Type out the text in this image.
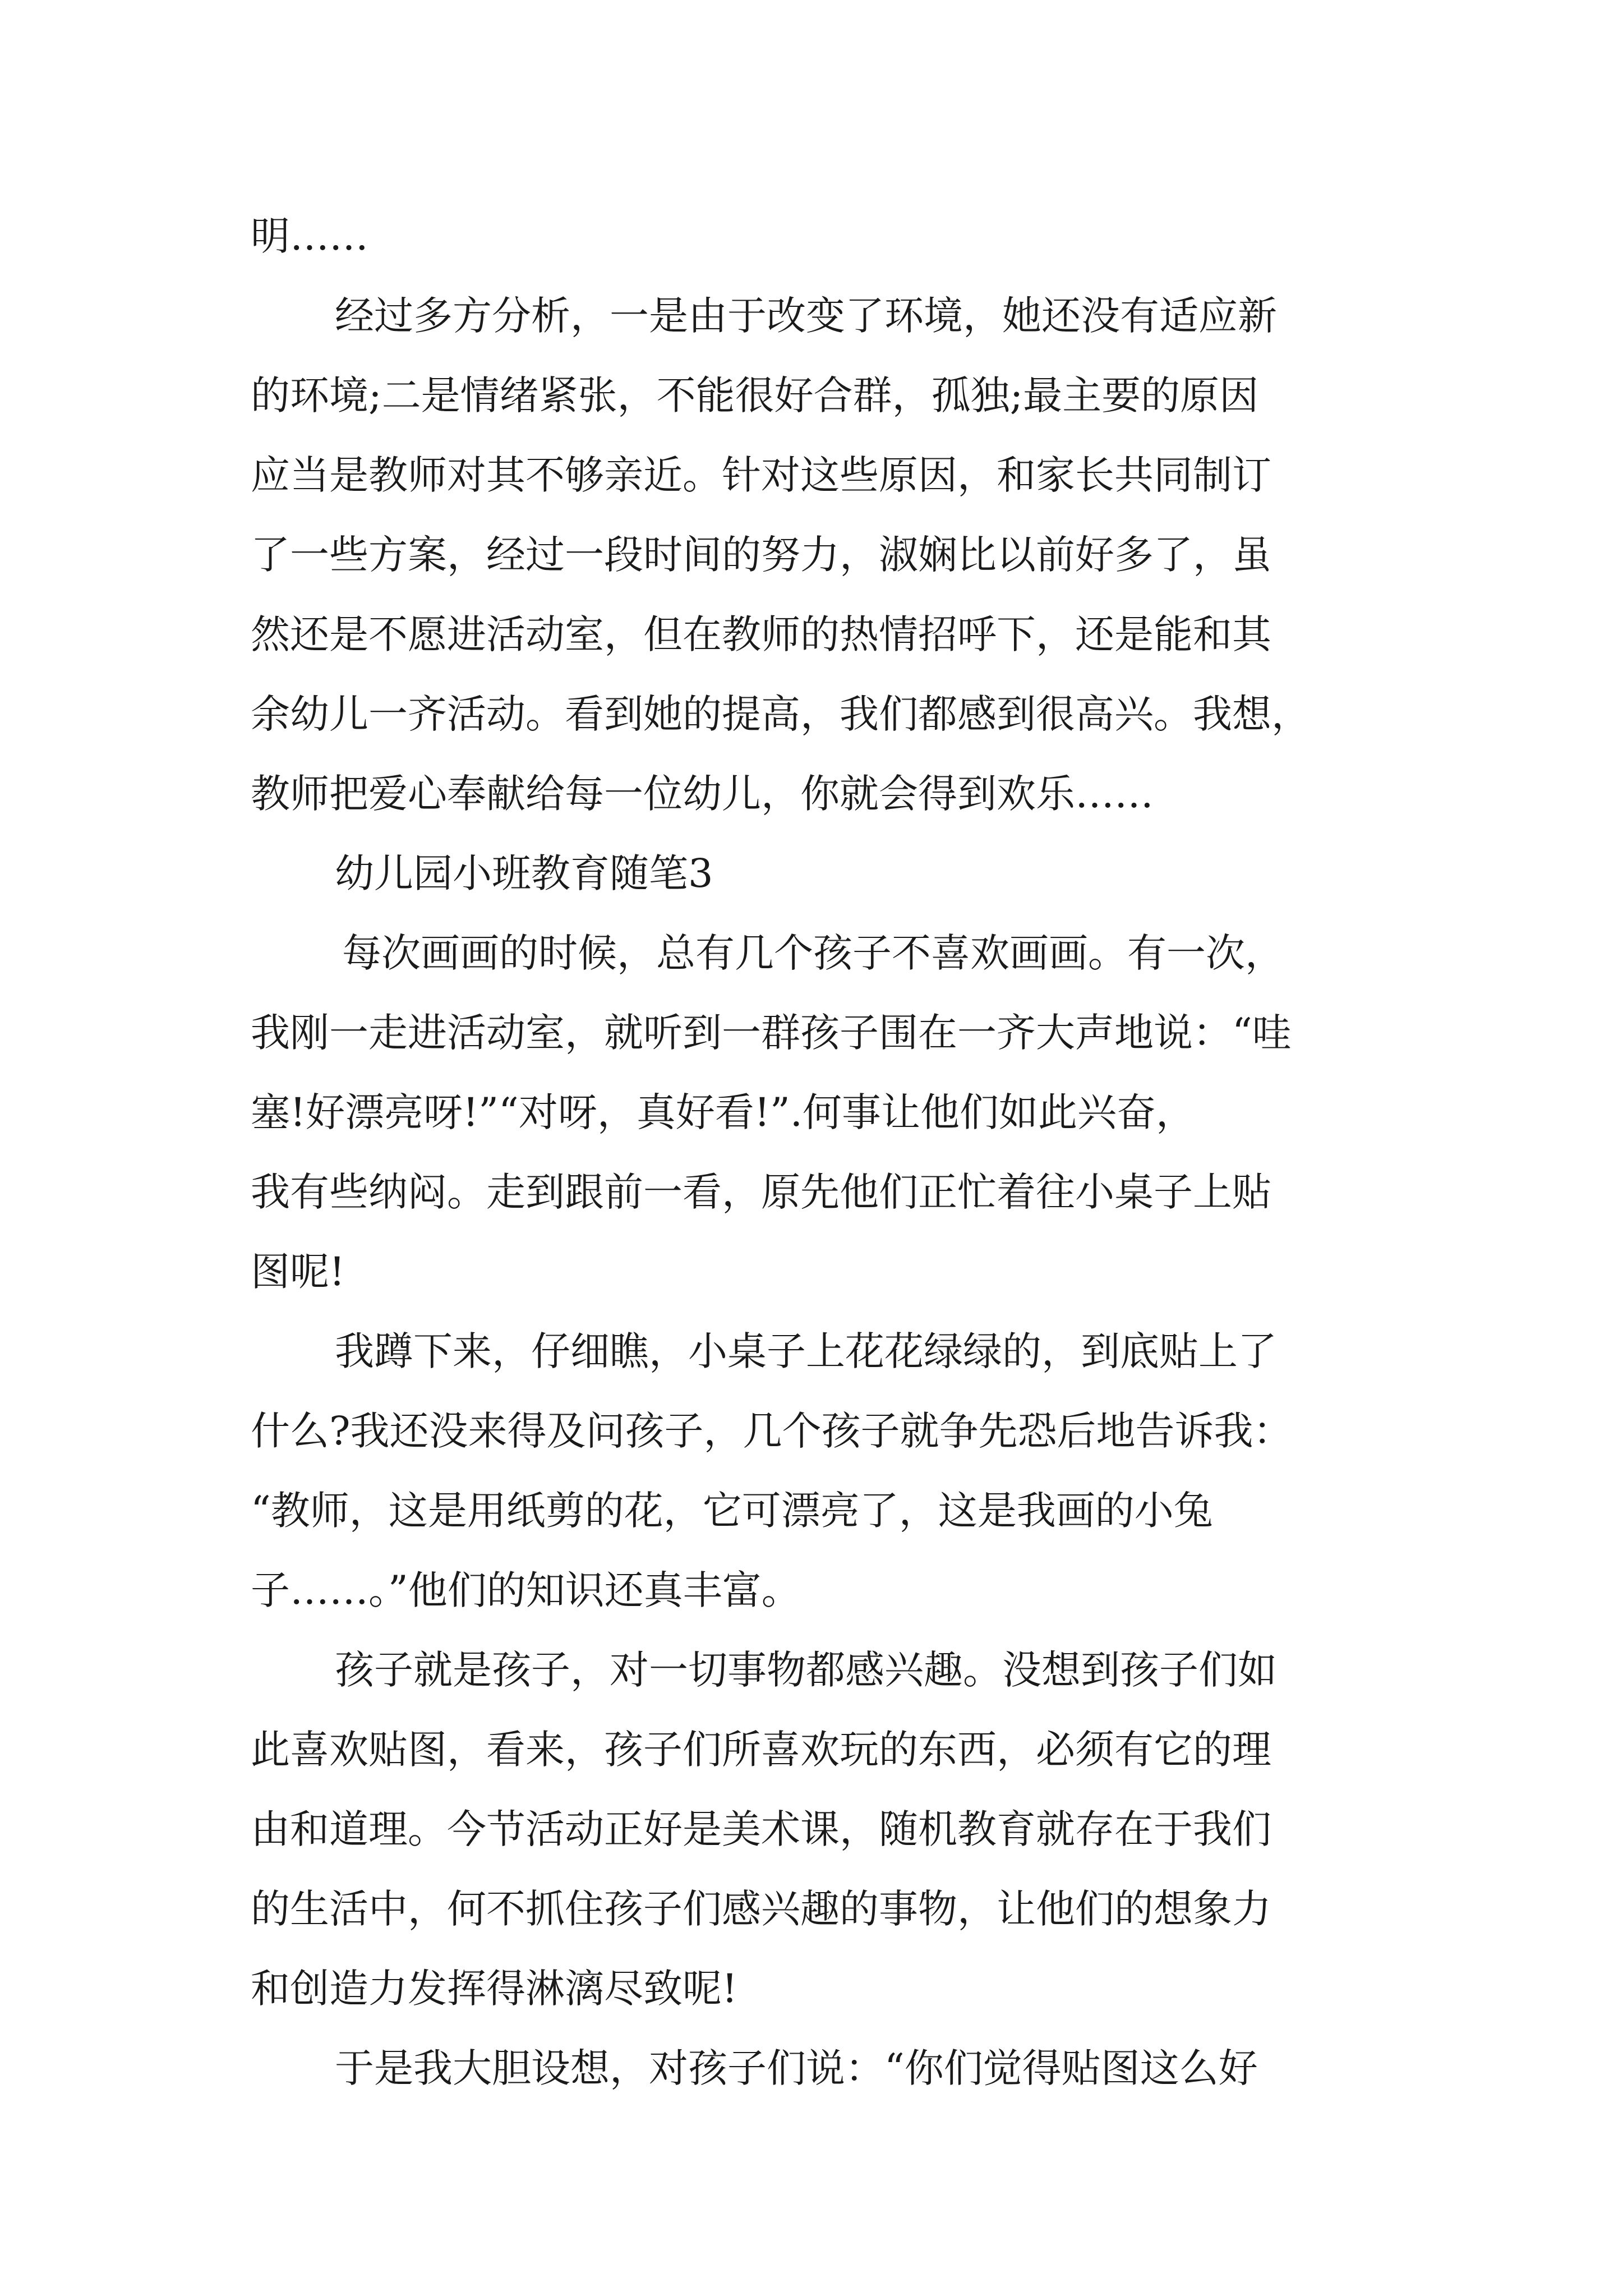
明……
经过多方分析，一是由于改变了环境，她还没有适应新
的环境;二是情绪紧张，不能很好合群，孤独;最主要的原因
应当是教师对其不够亲近。针对这些原因，和家长共同制订
了一些方案，经过一段时间的努力，淑娴比以前好多了，虽
然还是不愿进活动室，但在教师的热情招呼下，还是能和其
余幼儿一齐活动。看到她的提高，我们都感到很高兴。我想，
教师把爱心奉献给每一位幼儿，你就会得到欢乐……
幼儿园小班教育随笔3
每次画画的时候，总有几个孩子不喜欢画画。有一次，
我刚一走进活动室，就听到一群孩子围在一齐大声地说：“哇
塞!好漂亮呀!”“对呀，真好看!”.何事让他们如此兴奋，
我有些纳闷。走到跟前一看，原先他们正忙着往小桌子上贴
图呢!
我蹲下来，仔细瞧，小桌子上花花绿绿的，到底贴上了
什么?我还没来得及问孩子，几个孩子就争先恐后地告诉我：
“教师，这是用纸剪的花，它可漂亮了，这是我画的小兔
子……。”他们的知识还真丰富。
孩子就是孩子，对一切事物都感兴趣。没想到孩子们如
此喜欢贴图，看来，孩子们所喜欢玩的东西，必须有它的理
由和道理。今节活动正好是美术课，随机教育就存在于我们
的生活中，何不抓住孩子们感兴趣的事物，让他们的想象力
和创造力发挥得淋漓尽致呢!
于是我大胆设想，对孩子们说：“你们觉得贴图这么好
